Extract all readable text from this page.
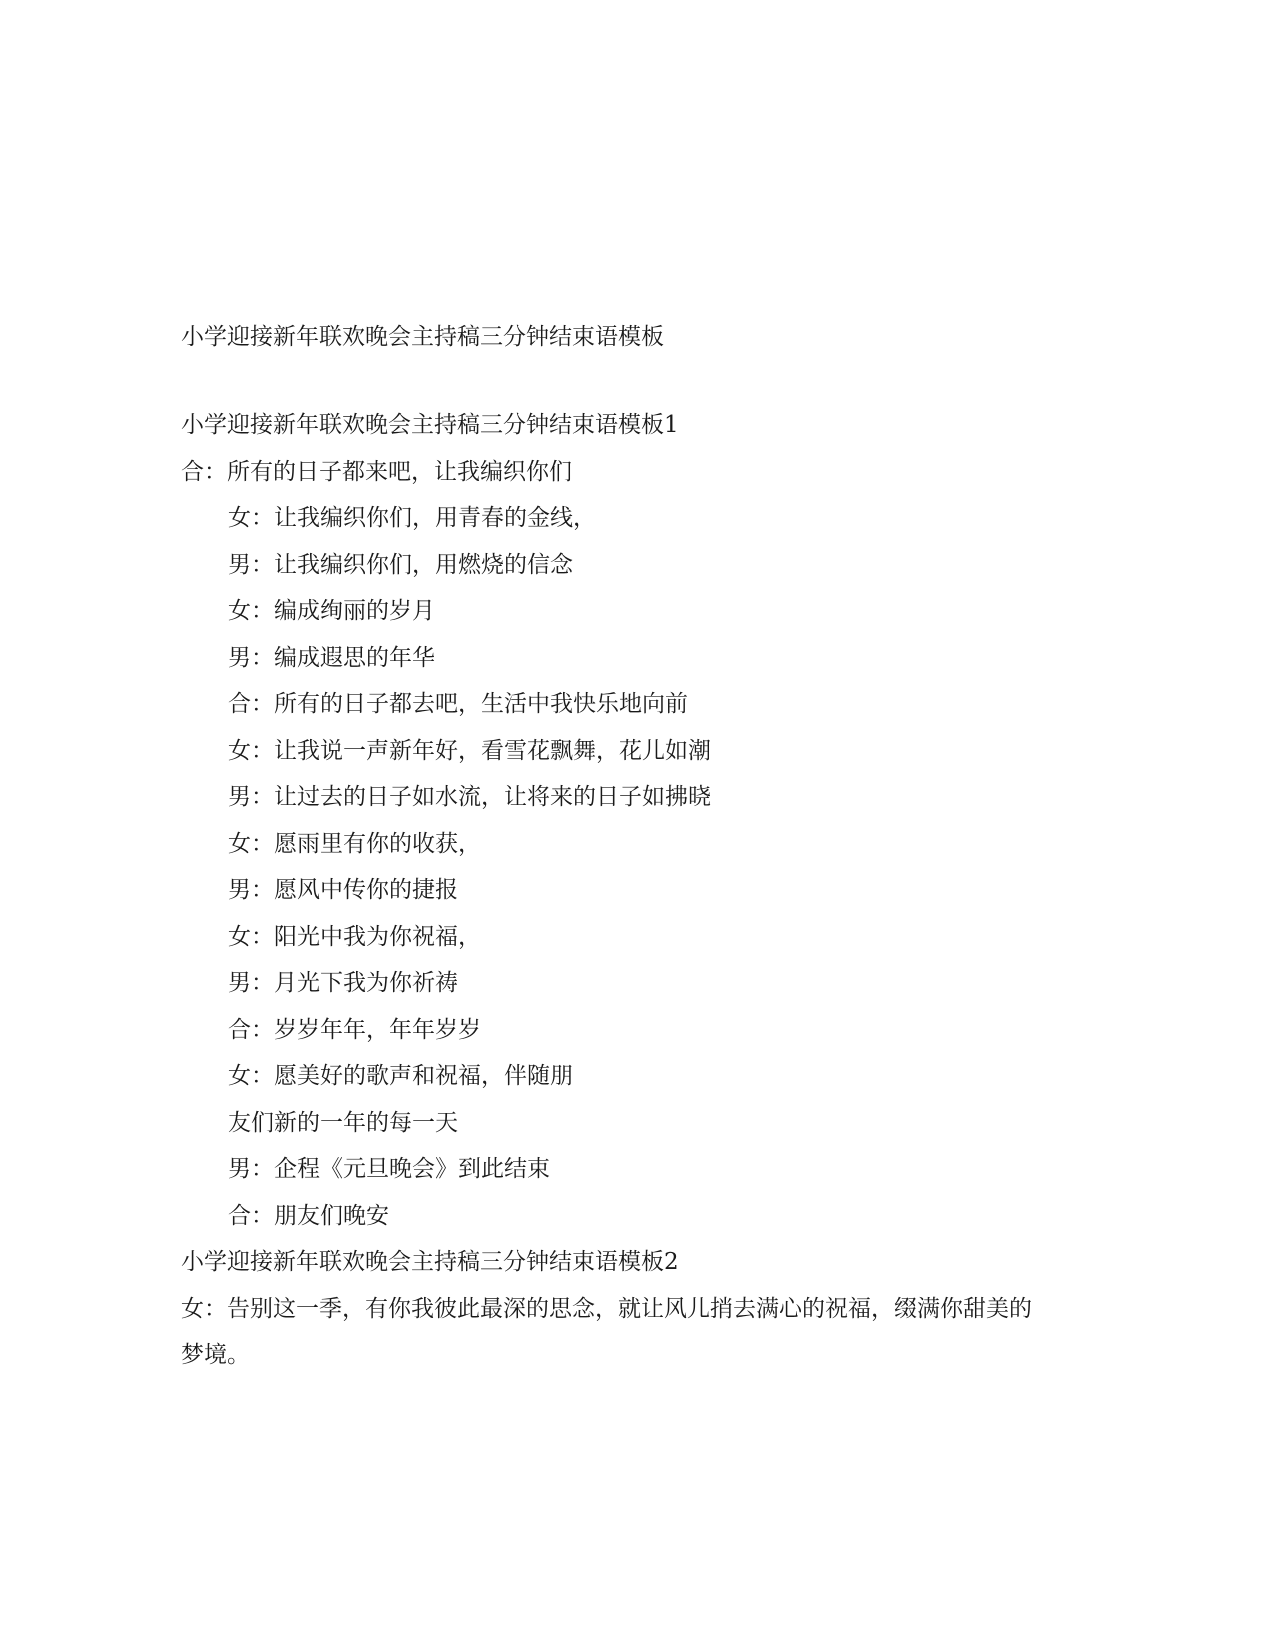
小学迎接新年联欢晚会主持稿三分钟结束语模板
小学迎接新年联欢晚会主持稿三分钟结束语模板1
合：所有的日子都来吧，让我编织你们
女：让我编织你们，用青春的金线，
男：让我编织你们，用燃烧的信念
女：编成绚丽的岁月
男：编成遐思的年华
合：所有的日子都去吧，生活中我快乐地向前
女：让我说一声新年好，看雪花飘舞，花儿如潮
男：让过去的日子如水流，让将来的日子如拂晓
女：愿雨里有你的收获，
男：愿风中传你的捷报
女：阳光中我为你祝福，
男：月光下我为你祈祷
合：岁岁年年，年年岁岁
女：愿美好的歌声和祝福，伴随朋
友们新的一年的每一天
男：企程《元旦晚会》到此结束
合：朋友们晚安
小学迎接新年联欢晚会主持稿三分钟结束语模板2
女：告别这一季，有你我彼此最深的思念，就让风儿捎去满心的祝福，缀满你甜美的梦境。
